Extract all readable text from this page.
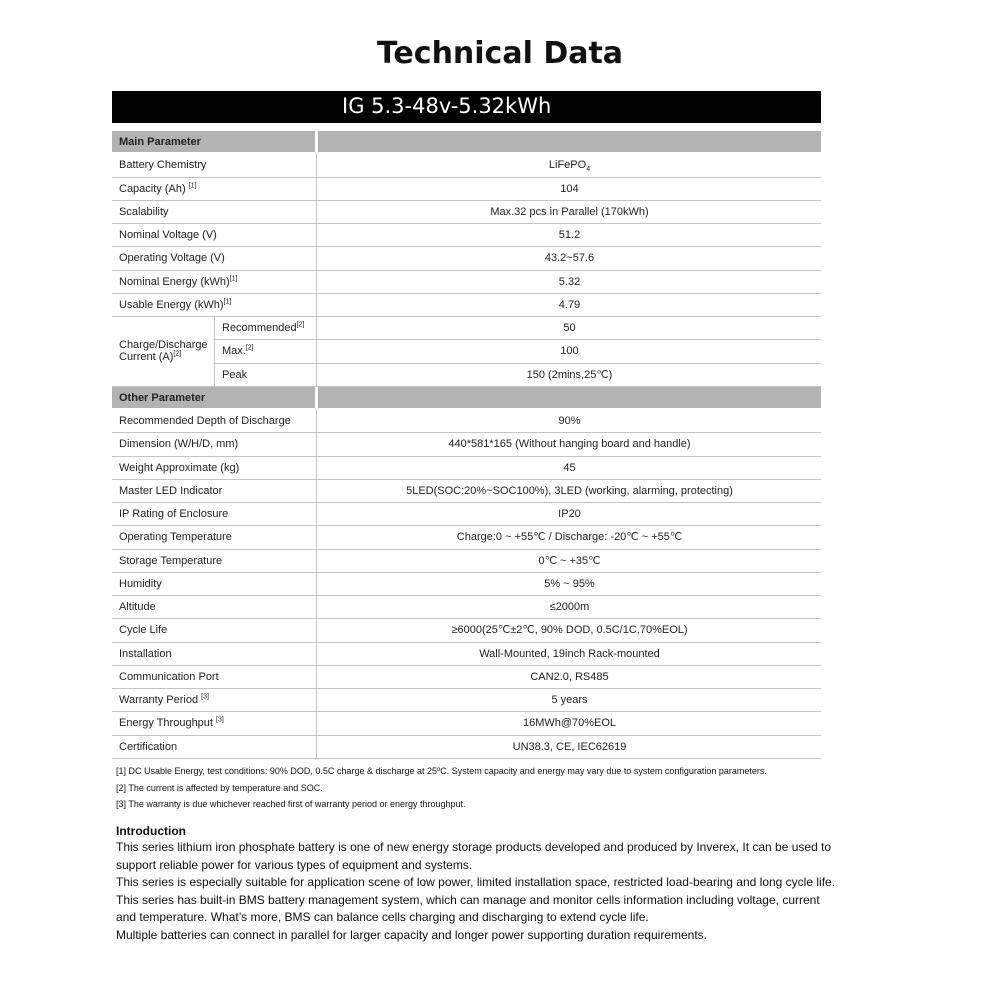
Technical Data
IG 5.3-48v-5.32kWh
Main Parameter
Battery Chemistry	LiFePO$_4$
Capacity (Ah) [1]	104
Scalability	Max.32 pcs in Parallel (170kWh)
Nominal Voltage (V)	51.2
Operating Voltage (V)	43.2~57.6
Nominal Energy (kWh)[1]	5.32
Usable Energy (kWh)[1]	4.79
Charge/Discharge Current (A)[2]
Recommended[2]	50
Max.[2]	100
Peak	150 (2mins,25℃)
Other Parameter
Recommended Depth of Discharge	90%
Dimension (W/H/D, mm)	440*581*165 (Without hanging board and handle)
Weight Approximate (kg)	45
Master LED Indicator	5LED(SOC:20%~SOC100%), 3LED (working, alarming, protecting)
IP Rating of Enclosure	IP20
Operating Temperature	Charge:0 ~ +55℃ / Discharge: -20℃ ~ +55℃
Storage Temperature	0℃ ~ +35℃
Humidity	5% ~ 95%
Altitude	≤2000m
Cycle Life	≥6000(25℃±2℃, 90% DOD, 0.5C/1C,70%EOL)
Installation	Wall-Mounted, 19inch Rack-mounted
Communication Port	CAN2.0, RS485
Warranty Period [3]	5 years
Energy Throughput [3]	16MWh@70%EOL
Certification	UN38.3, CE, IEC62619
[1] DC Usable Energy, test conditions: 90% DOD, 0.5C charge & discharge at 25ºC. System capacity and energy may vary due to system configuration parameters.
[2] The current is affected by temperature and SOC.
[3] The warranty is due whichever reached first of warranty period or energy throughput.
Introduction

This series lithium iron phosphate battery is one of new energy storage products developed and produced by Inverex, It can be used to support reliable power for various types of equipment and systems.

This series is especially suitable for application scene of low power, limited installation space, restricted load-bearing and long cycle life.

This series has built-in BMS battery management system, which can manage and monitor cells information including voltage, current and temperature. What’s more, BMS can balance cells charging and discharging to extend cycle life.

Multiple batteries can connect in parallel for larger capacity and longer power supporting duration requirements.
